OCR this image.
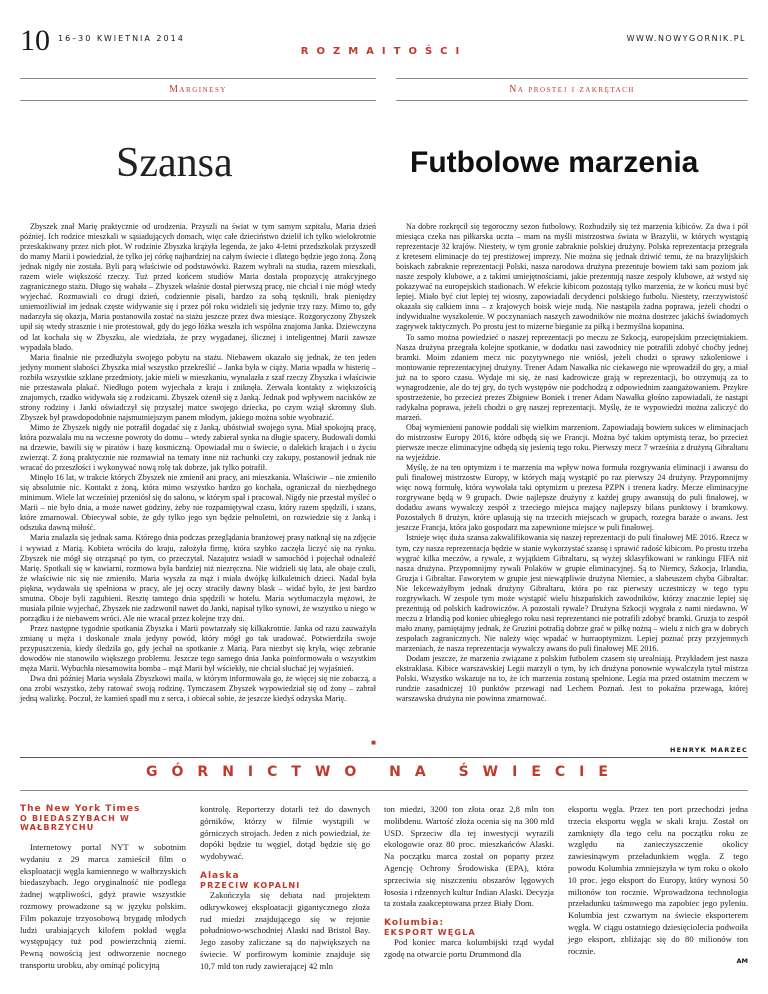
10 16–30 KWIETNIA 2014	WWW.NOWYGORNIK.PL
ROZMAITOŚCI
Marginesy	Na prostej i zakrętach
Szansa	Futbolowe marzenia

Zbyszek znał Marię praktycznie od urodzenia. Przyszli na świat w tym samym szpitalu, Maria dzień później. Ich rodzice mieszkali w sąsiadujących domach, więc całe dzieciństwo dzielił ich tylko wielokrotnie przeskakiwany przez nich płot. W rodzinie Zbyszka krążyła legenda, że jako 4-letni przedszkolak przyszedł do mamy Marii i powiedział, że tylko jej córkę najbardziej na całym świecie i dlatego będzie jego żoną. Żoną jednak nigdy nie została. Byli parą właściwie od podstawówki. Razem wybrali na studia, razem mieszkali, razem wiele większość rzeczy. Tuż przed końcem studiów Maria dostała propozycję atrakcyjnego zagranicznego stażu. Długo się wahała – Zbyszek właśnie dostał pierwszą pracę, nie chciał i nie mógł wtedy wyjechać. Rozmawiali co drugi dzień, codziennie pisali, bardzo za sobą tęsknili, brak pieniędzy uniemożliwiał im jednak częste widywanie się i przez pół roku widzieli się jedynie trzy razy. Mimo to, gdy nadarzyła się okazja, Maria postanowiła zostać na stażu jeszcze przez dwa miesiące. Rozgoryczony Zbyszek upił się wtedy strasznie i nie protestował, gdy do jego łóżka weszła ich wspólna znajoma Janka. Dziewczyna od lat kochała się w Zbyszku, ale wiedziała, że przy wygadanej, ślicznej i inteligentnej Marii zawsze wypadała blado.

Maria finalnie nie przedłużyła swojego pobytu na stażu. Niebawem okazało się jednak, że ten jeden jedyny moment słabości Zbyszka miał wszystko przekreślić – Janka była w ciąży. Maria wpadła w histerię – rozbiła wszystkie szklane przedmioty, jakie mieli w mieszkaniu, wynalazła z szaf rzeczy Zbyszka i właściwie nie przestawała płakać. Niedługo potem wyjechała z kraju i zniknęła. Zerwała kontakty z większością znajomych, rzadko widywała się z rodzicami. Zbyszek ożenił się z Janką. Jednak pod wpływem nacisków ze strony rodziny i Janki oświadczył się przyszłej matce swojego dziecka, po czym wziął skromny ślub. Zbyszek był prawdopodobnie najsmutniejszym panem młodym, jakiego można sobie wyobrazić.

Mimo że Zbyszek nigdy nie potrafił dogadać się z Janką, ubóstwiał swojego syna. Miał spokojną pracę, która pozwalała mu na wczesne powroty do domu – wtedy zabierał synka na długie spacery. Budowali domki na drzewie, bawili się w piratów i bazę kosmiczną. Opowiadał mu o świecie, o dalekich krajach i o życiu zwierząt. Z żoną praktycznie nie rozmawiał na tematy inne niż rachunki czy zakupy, postanowił jednak nie wracać do przeszłości i wykonywać nową rolę tak dobrze, jak tylko potrafił.

Minęło 16 lat, w trakcie których Zbyszek nie zmienił ani pracy, ani mieszkania. Właściwie – nie zmieniło się absolutnie nic. Kontakt z żoną, która mimo wszystko bardzo go kochała, ograniczał do niezbędnego minimum. Wiele lat wcześniej przeniósł się do salonu, w którym spał i pracował. Nigdy nie przestał myśleć o Marii – nie było dnia, a może nawet godziny, żeby nie rozpamiętywał czasu, który razem spędzili, i szans, które zmarnował. Obiecywał sobie, że gdy tylko jego syn będzie pełnoletni, on rozwiedzie się z Janką i odszuka dawną miłość.

Maria znalazła się jednak sama. Którego dnia podczas przeglądania branżowej prasy natknął się na zdjęcie i wywiad z Marią. Kobieta wróciła do kraju, założyła firmę, która szybko zaczęła liczyć się na rynku. Zbyszek nie mógł się otrząsnąć po tym, co przeczytał. Nazajutrz wsiadł w samochód i pojechał odnaleźć Marię. Spotkali się w kawiarni, rozmowa była bardziej niż niezręczna. Nie widzieli się lata, ale obaje czuli, że właściwie nic się nie zmieniło. Maria wyszła za mąż i miała dwójkę kilkuletnich dzieci. Nadal była piękna, wydawała się spełniona w pracy, ale jej oczy straciły dawny blask – widać było, że jest bardzo smutna. Oboje byli zagubieni. Resztę tamtego dnia spędzili w hotelu. Maria wytłumaczyła mężowi, że musiała pilnie wyjechać, Zbyszek nie zadzwonił nawet do Janki, napisał tylko synowi, że wszystko u niego w porządku i że niebawem wróci. Ale nie wracał przez kolejne trzy dni.

Przez następne tygodnie spotkania Zbyszka i Marii powtarzały się kilkakrotnie. Janka od razu zauważyła zmianę u męża i doskonale znała jedyny powód, który mógł go tak uradować. Potwierdziła swoje przypuszczenia, kiedy śledziła go, gdy jechał na spotkanie z Marią. Para niezbyt się kryła, więc zebranie dowodów nie stanowiło większego problemu. Jeszcze tego samego dnia Janka poinformowała o wszystkim męża Marii. Wybuchła niesamowita bomba – mąż Marii był wściekły, nie chciał słuchać jej wyjaśnień.

Dwa dni później Maria wysłała Zbyszkowi maila, w którym informowała go, że więcej się nie zobaczą, a ona zrobi wszystko, żeby ratować swoją rodzinę. Tymczasem Zbyszek wypowiedział się od żony – zabrał jedną walizkę. Poczuł, że kamień spadł mu z serca, i obiecał sobie, że jeszcze kiedyś odzyska Marię.

■

Na dobre rozkręcił się tegoroczny sezon futbolowy. Rozbudziły się też marzenia kibiców. Za dwa i pół miesiąca czeka nas piłkarska uczta – mam na myśli mistrzostwa świata w Brazylii, w których wystąpią reprezentacje 32 krajów. Niestety, w tym gronie zabraknie polskiej drużyny. Polska reprezentacja przegrała z kretesem eliminacje do tej prestiżowej imprezy. Nie można się jednak dziwić temu, że na brazylijskich boiskach zabraknie reprezentacji Polski, nasza narodowa drużyna prezentuje bowiem taki sam poziom jak nasze zespoły klubowe, a z takimi umiejętnościami, jakie prezentują nasze zespoły klubowe, aż wstyd się pokazywać na europejskich stadionach. W efekcie kibicom pozostają tylko marzenia, że w końcu musi być lepiej. Miało być ciut lepiej tej wiosny, zapowiadali decydenci polskiego futbolu. Niestety, rzeczywistość okazała się całkiem inna – z krajowych boisk wieje nudą. Nie nastąpiła żadna poprawa, jeżeli chodzi o indywidualne wyszkolenie. W poczynaniach naszych zawodników nie można dostrzec jakichś świadomych zagrywek taktycznych. Po prostu jest to mizerne bieganie za piłką i bezmyślna kopanina.

To samo można powiedzieć o naszej reprezentacji po meczu ze Szkocją, europejskim przeciętniakiem. Nasza drużyna przegrała kolejne spotkanie, w dodatku nasi zawodnicy nie potrafili zdobyć choćby jednej bramki. Moim zdaniem mecz nic pozytywnego nie wniósł, jeżeli chodzi o sprawy szkoleniowe i montowanie reprezentacyjnej drużyny. Trener Adam Nawałka nic ciekawego nie wprowadził do gry, a miał już na to sporo czasu. Wydaje mi się, że nasi kadrowicze grają w reprezentacji, bo otrzymują za to wynagrodzenie, ale do tej gry, do tych występów nie podchodzą z odpowiednim zaangażowaniem. Przykre spostrzeżenie, bo przecież prezes Zbigniew Boniek i trener Adam Nawałka głośno zapowiadali, że nastąpi radykalna poprawa, jeżeli chodzi o grę naszej reprezentacji. Myślę, że te wypowiedzi można zaliczyć do marzeń.

Obaj wymienieni panowie poddali się wielkim marzeniom. Zapowiadają bowiem sukces w eliminacjach do mistrzostw Europy 2016, które odbędą się we Francji. Można być takim optymistą teraz, bo przecież pierwsze mecze eliminacyjne odbędą się jesienią tego roku. Pierwszy mecz 7 września z drużyną Gibraltaru na wyjeździe.

Myślę, że na ten optymizm i te marzenia ma wpływ nowa formuła rozgrywania eliminacji i awansu do puli finałowej mistrzostw Europy, w których mają wystąpić po raz pierwszy 24 drużyny. Przypomnijmy więc nową formułę, która wywołała taki optymizm u prezesa PZPN i trenera kadry. Mecze eliminacyjne rozgrywane będą w 9 grupach. Dwie najlepsze drużyny z każdej grupy awansują do puli finałowej, w dodatku awans wywalczy zespół z trzeciego miejsca mający najlepszy bilans punktowy i bramkowy. Pozostałych 8 drużyn, które uplasują się na trzecich miejscach w grupach, rozegra baraże o awans. Jest jeszcze Francja, która jako gospodarz ma zapewnione miejsce w puli finałowej.

Istnieje więc duża szansa zakwalifikowania się naszej reprezentacji do puli finałowej ME 2016. Rzecz w tym, czy nasza reprezentacja będzie w stanie wykorzystać szansę i sprawić radość kibicom. Po prostu trzeba wygrać kilka meczów, a rywale, z wyjątkiem Gibraltaru, są wyżej sklasyfikowani w rankingu FIFA niż nasza drużyna. Przypomnijmy rywali Polaków w grupie eliminacyjnej. Są to Niemcy, Szkocja, Irlandia, Gruzja i Gibraltar. Faworytem w grupie jest niewątpliwie drużyna Niemiec, a słabeuszem chyba Gibraltar. Nie lekceważyłbym jednak drużyny Gibraltaru, która po raz pierwszy uczestniczy w tego typu rozgrywkach. W zespole tym może wystąpić wielu hiszpańskich zawodników, którzy znacznie lepiej się prezentują od polskich kadrowiczów. A pozostali rywale? Drużyna Szkocji wygrała z nami niedawno. W meczu z Irlandią pod koniec ubiegłego roku nasi reprezentanci nie potrafili zdobyć bramki. Gruzja to zespół mało znany, pamiętajmy jednak, że Gruzini potrafią dobrze grać w piłkę nożną – wielu z nich gra w dobrych zespołach zagranicznych. Nie należy więc wpadać w hurraoptymizm. Lepiej poznać przy przyjemnych marzeniach, że nasza reprezentacja wywalczy awans do puli finałowej ME 2016.

Dodam jeszcze, że marzenia związane z polskim futbolem czasem się urealniają. Przykładem jest nasza ekstraklasa. Kibice warszawskiej Legii marzyli o tym, by ich drużyna ponownie wywalczyła tytuł mistrza Polski. Wszystko wskazuje na to, że ich marzenia zostaną spełnione. Legia ma przed ostatnim meczem w rundzie zasadniczej 10 punktów przewagi nad Lechem Poznań. Jest to pokaźna przewaga, której warszawska drużyna nie powinna zmarnować.

HENRYK MARZEC
GÓRNICTWO NA ŚWIECIE
The New York Times
O BIEDASZYBACH W WAŁBRZYCHU

Internetowy portal NYT w sobotnim wydaniu z 29 marca zamieścił film o eksploatacji węgla kamiennego w wałbrzyskich biedaszybach. Jego oryginalność nie podlega żadnej wątpliwości, gdyż prawie wszystkie rozmowy prowadzone są w języku polskim. Film pokazuje trzyosobową brygadę młodych ludzi urabiających kilofem pokład węgla występujący tuż pod powierzchnią ziemi. Pewną nowością jest odtworzenie nocnego transportu urobku, aby ominąć policyjną

kontrolę. Reporterzy dotarli też do dawnych górników, którzy w filmie wystąpili w górniczych strojach. Jeden z nich powiedział, że dopóki będzie tu węgiel, dotąd będzie się go wydobywać.

Alaska
PRZECIW KOPALNI

Zakończyła się debata nad projektem odkrywkowej eksploatacji gigantycznego złoża rud miedzi znajdującego się w rejonie południowo-wschodniej Alaski nad Bristol Bay. Jego zasoby zaliczane są do największych na świecie. W porfirowym kominie znajduje się 10,7 mld ton rudy zawierającej 42 mln

ton miedzi, 3200 ton złota oraz 2,8 mln ton molibdenu. Wartość złoża ocenia się na 300 mld USD. Sprzeciw dla tej inwestycji wyrazili ekologowie oraz 80 proc. mieszkańców Alaski. Na początku marca został on poparty przez Agencję Ochrony Środowiska (EPA), która sprzeciwia się niszczeniu obszarów lęgowych łososia i rdzennych kultur Indian Alaski. Decyzja ta została zaakceptowana przez Biały Dom.

Kolumbia:
EKSPORT WĘGLA

Pod koniec marca kolumbijski rząd wydał zgodę na otwarcie portu Drummond dla

eksportu węgla. Przez ten port przechodzi jedna trzecia eksportu węgla w skali kraju. Został on zamknięty dla tego celu na początku roku ze względu na zanieczyszczenie okolicy zawiesinąwym przeładunkiem węgla. Z tego powodu Kolumbia zmniejszyła w tym roku o około 10 proc. jego eksport do Europy, który wynosi 50 milionów ton rocznie. Wprowadzona technologia przeładunku taśmowego ma zapobiec jego pyleniu. Kolumbia jest czwartym na świecie eksporterem węgla. W ciągu ostatniego dziesięciolecia podwoiła jego eksport, zbliżając się do 80 milionów ton rocznie.

AM
